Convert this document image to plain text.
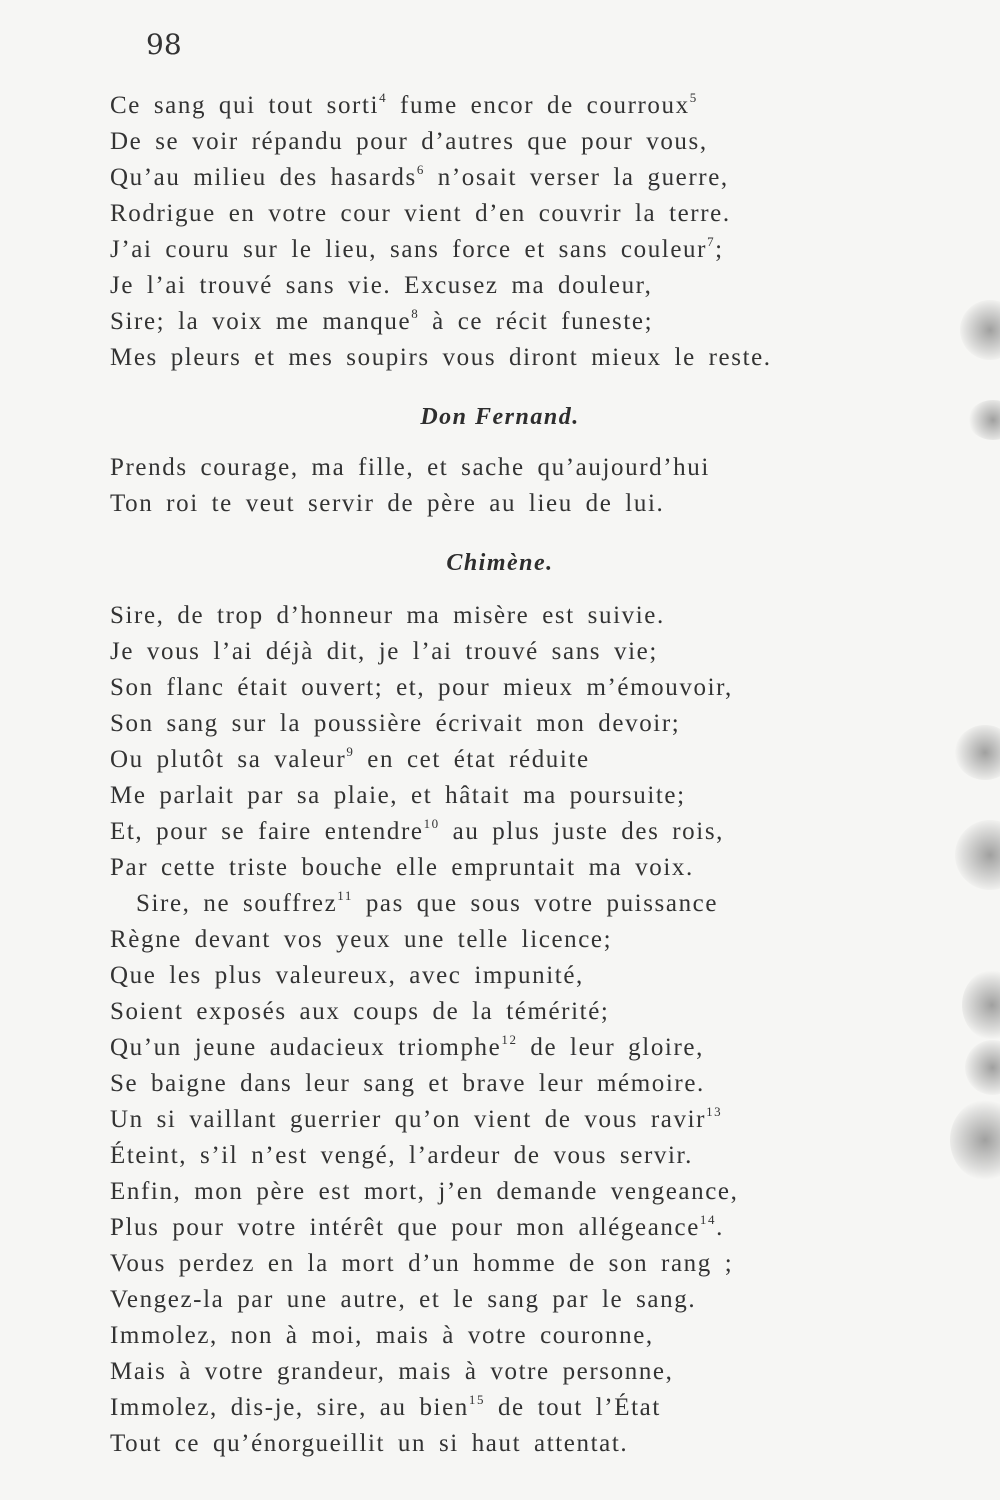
98
Ce sang qui tout sorti$^4$ fume encor de courroux$^5$
De se voir répandu pour d’autres que pour vous,
Qu’au milieu des hasards$^6$ n’osait verser la guerre,
Rodrigue en votre cour vient d’en couvrir la terre.
J’ai couru sur le lieu, sans force et sans couleur$^7$;
Je l’ai trouvé sans vie. Excusez ma douleur,
Sire; la voix me manque$^8$ à ce récit funeste;
Mes pleurs et mes soupirs vous diront mieux le reste.
Don Fernand.
Prends courage, ma fille, et sache qu’aujourd’hui
Ton roi te veut servir de père au lieu de lui.
Chimène.
Sire, de trop d’honneur ma misère est suivie.
Je vous l’ai déjà dit, je l’ai trouvé sans vie;
Son flanc était ouvert; et, pour mieux m’émouvoir,
Son sang sur la poussière écrivait mon devoir;
Ou plutôt sa valeur$^9$ en cet état réduite
Me parlait par sa plaie, et hâtait ma poursuite;
Et, pour se faire entendre$^{10}$ au plus juste des rois,
Par cette triste bouche elle empruntait ma voix.
Sire, ne souffrez$^{11}$ pas que sous votre puissance
Règne devant vos yeux une telle licence;
Que les plus valeureux, avec impunité,
Soient exposés aux coups de la témérité;
Qu’un jeune audacieux triomphe$^{12}$ de leur gloire,
Se baigne dans leur sang et brave leur mémoire.
Un si vaillant guerrier qu’on vient de vous ravir$^{13}$
Éteint, s’il n’est vengé, l’ardeur de vous servir.
Enfin, mon père est mort, j’en demande vengeance,
Plus pour votre intérêt que pour mon allégeance$^{14}$.
Vous perdez en la mort d’un homme de son rang ;
Vengez-la par une autre, et le sang par le sang.
Immolez, non à moi, mais à votre couronne,
Mais à votre grandeur, mais à votre personne,
Immolez, dis-je, sire, au bien$^{15}$ de tout l’État
Tout ce qu’énorgueillit un si haut attentat.
